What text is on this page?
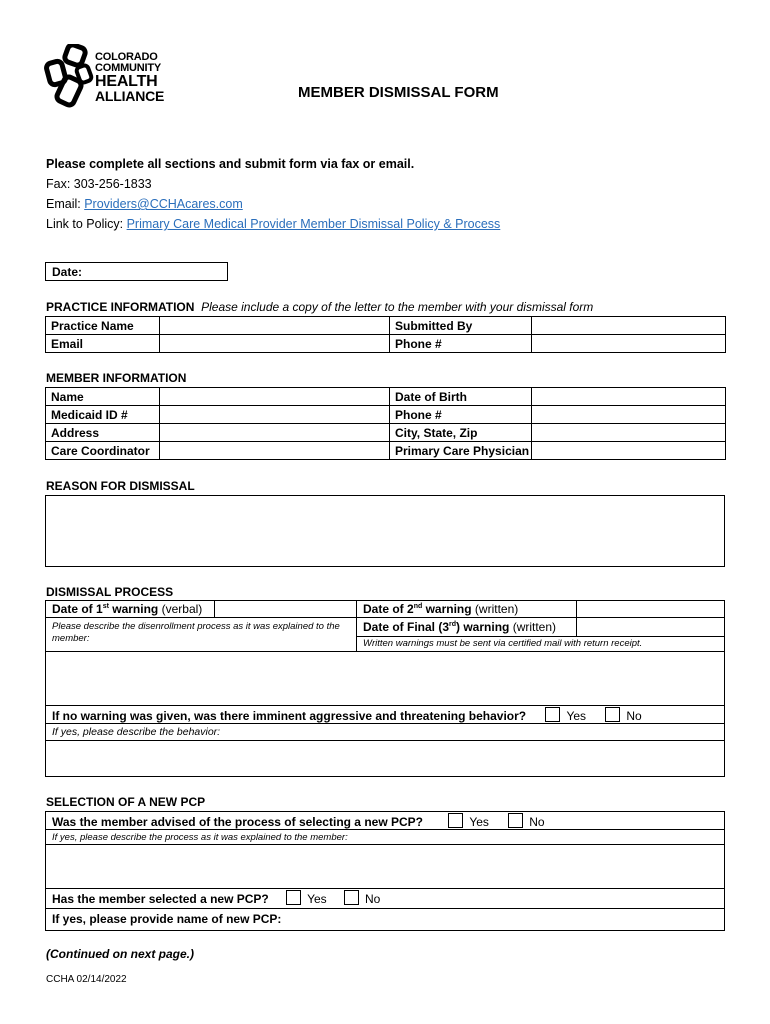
COLORADO
COMMUNITY
HEALTH
ALLIANCE	MEMBER DISMISSAL FORM
Please complete all sections and submit form via fax or email.
Fax: 303-256-1833
Email: Providers@CCHAcares.com
Link to Policy: Primary Care Medical Provider Member Dismissal Policy & Process
Date:
PRACTICE INFORMATION Please include a copy of the letter to the member with your dismissal form
Practice Name		Submitted By	
Email		Phone #	
MEMBER INFORMATION
Name		Date of Birth	
Medicaid ID #		Phone #	
Address		City, State, Zip	
Care Coordinator		Primary Care Physician	
REASON FOR DISMISSAL
DISMISSAL PROCESS
Date of 1st warning (verbal)	Date of 2nd warning (written)
Date of Final (3rd) warning (written)
Please describe the disenrollment process as it was explained to the member:	Written warnings must be sent via certified mail with return receipt.
If no warning was given, was there imminent aggressive and threatening behavior?	Yes	No
If yes, please describe the behavior:
SELECTION OF A NEW PCP
Was the member advised of the process of selecting a new PCP?	Yes	No
If yes, please describe the process as it was explained to the member:
Has the member selected a new PCP?	Yes	No
If yes, please provide name of new PCP:
(Continued on next page.)
CCHA 02/14/2022
